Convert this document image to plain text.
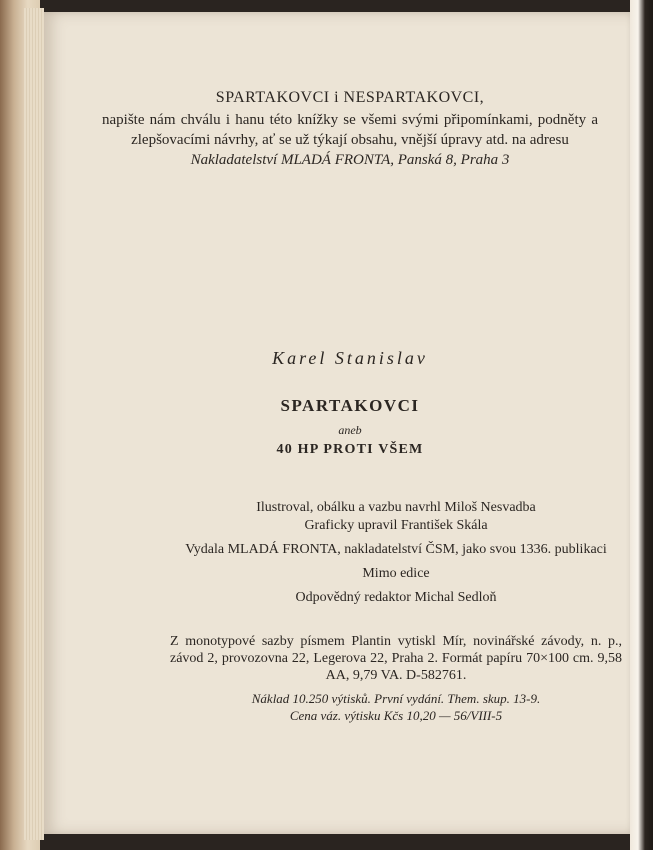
SPARTAKOVCI i NESPARTAKOVCI,
napište nám chválu i hanu této knížky se všemi svými připomínkami, podněty a zlepšovacími návrhy, ať se už týkají obsahu, vnější úpravy atd. na adresu
Nakladatelství MLADÁ FRONTA, Panská 8, Praha 3
Karel Stanislav
SPARTAKOVCI
aneb
40 HP PROTI VŠEM

Ilustroval, obálku a vazbu navrhl Miloš Nesvadba

Graficky upravil František Skála

Vydala MLADÁ FRONTA, nakladatelství ČSM, jako svou 1336. publikaci

Mimo edice

Odpovědný redaktor Michal Sedloň

Z monotypové sazby písmem Plantin vytiskl Mír, novinářské závody, n. p., závod 2, provozovna 22, Legerova 22, Praha 2. Formát papíru 70×100 cm. 9,58 AA, 9,79 VA. D-582761.
Náklad 10.250 výtisků. První vydání. Them. skup. 13-9.
Cena váz. výtisku Kčs 10,20 — 56/VIII-5
